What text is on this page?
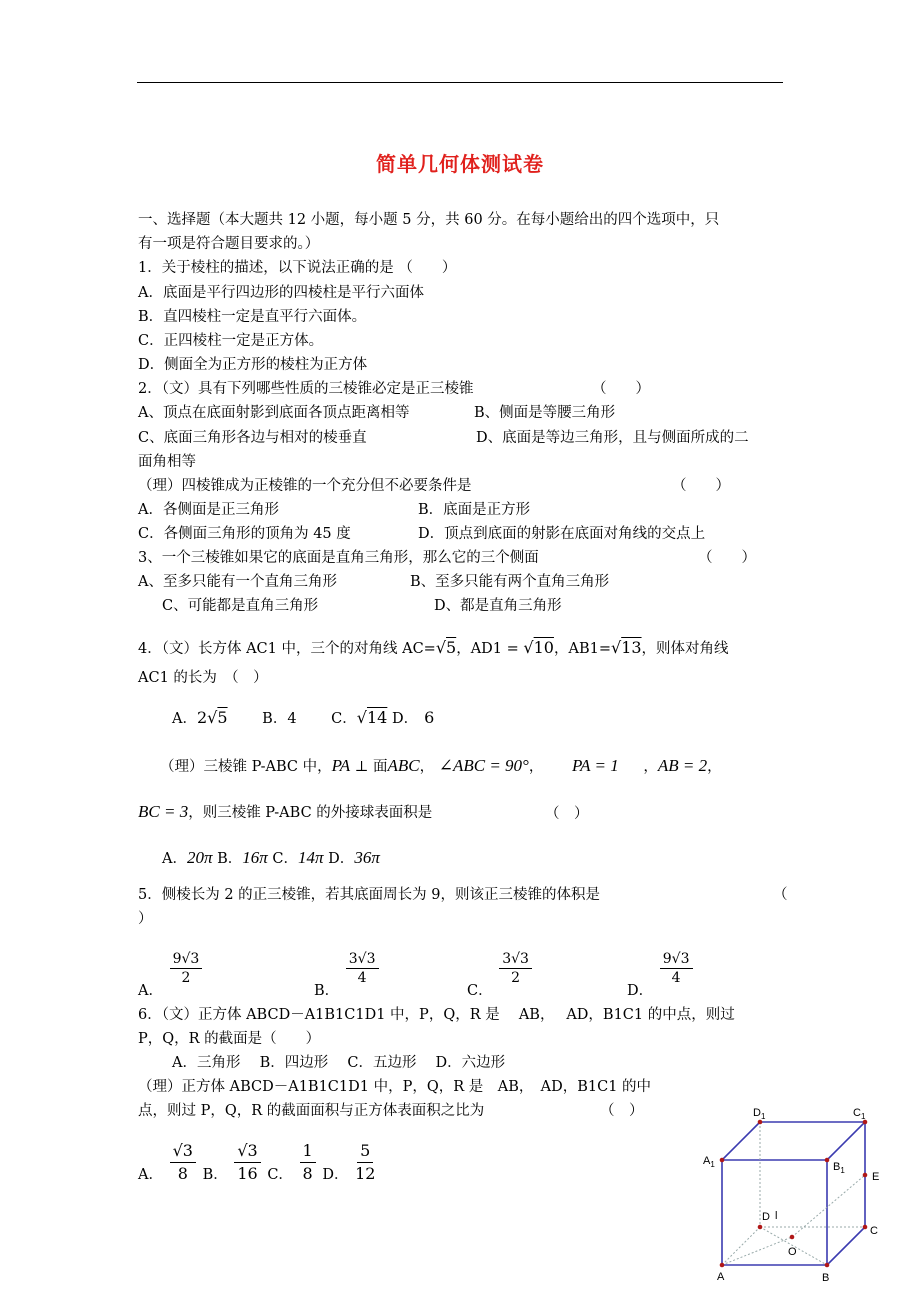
简单几何体测试卷
一、选择题（本大题共 12 小题，每小题 5 分，共 60 分。在每小题给出的四个选项中，只
有一项是符合题目要求的。）
1．关于棱柱的描述，以下说法正确的是 （　　）
A．底面是平行四边形的四棱柱是平行六面体
B．直四棱柱一定是直平行六面体。
C．正四棱柱一定是正方体。
D．侧面全为正方形的棱柱为正方体
2．（文）具有下列哪些性质的三棱锥必定是正三棱锥	（　　）
A、顶点在底面射影到底面各顶点距离相等	B、侧面是等腰三角形
C、底面三角形各边与相对的棱垂直	D、底面是等边三角形，且与侧面所成的二
面角相等
（理）四棱锥成为正棱锥的一个充分但不必要条件是	（　　）
A．各侧面是正三角形	B．底面是正方形
C．各侧面三角形的顶角为 45 度	D．顶点到底面的射影在底面对角线的交点上
3、一个三棱锥如果它的底面是直角三角形，那么它的三个侧面	（　　）
A、至多只能有一个直角三角形	B、至多只能有两个直角三角形
C、可能都是直角三角形	D、都是直角三角形
4．（文）长方体 AC1 中，三个的对角线 AC=√5，AD1 = √10，AB1=√13，则体对角线
AC1 的长为　（　）
A．2√5 B．4 C．√14 D． 6
（理）三棱锥 P-ABC 中，PA ⊥ 面ABC， ∠ABC = 90°， PA = 1 ，AB = 2，
BC = 3，则三棱锥 P-ABC 的外接球表面积是	（　）
A．20π B．16π C．14π D．36π
5．侧棱长为 2 的正三棱锥，若其底面周长为 9，则该正三棱锥的体积是	（
）
A．
$\frac{9√3}{2}$
B．
$\frac{3√3}{4}$
C．
$\frac{3√3}{2}$
D．
$\frac{9√3}{4}$
6．（文）正方体 ABCD－A1B1C1D1 中，P，Q，R 是　 AB，　 AD，B1C1 的中点，则过
P，Q，R 的截面是（　　）
A．三角形　 B．四边形　 C．五边形　 D．六边形
（理）正方体 ABCD－A1B1C1D1 中，P，Q，R 是　AB，　AD，B1C1 的中
点，则过 P，Q，R 的截面面积与正方体表面积之比为	（　）
A． $\frac{√3}{8}$ B． $\frac{√3}{16}$ C． $\frac{1}{8}$ D． $\frac{5}{12}$
$D_1$	$C_1$
$A_1$	$B_1$
E
D l
C
O
A	B
